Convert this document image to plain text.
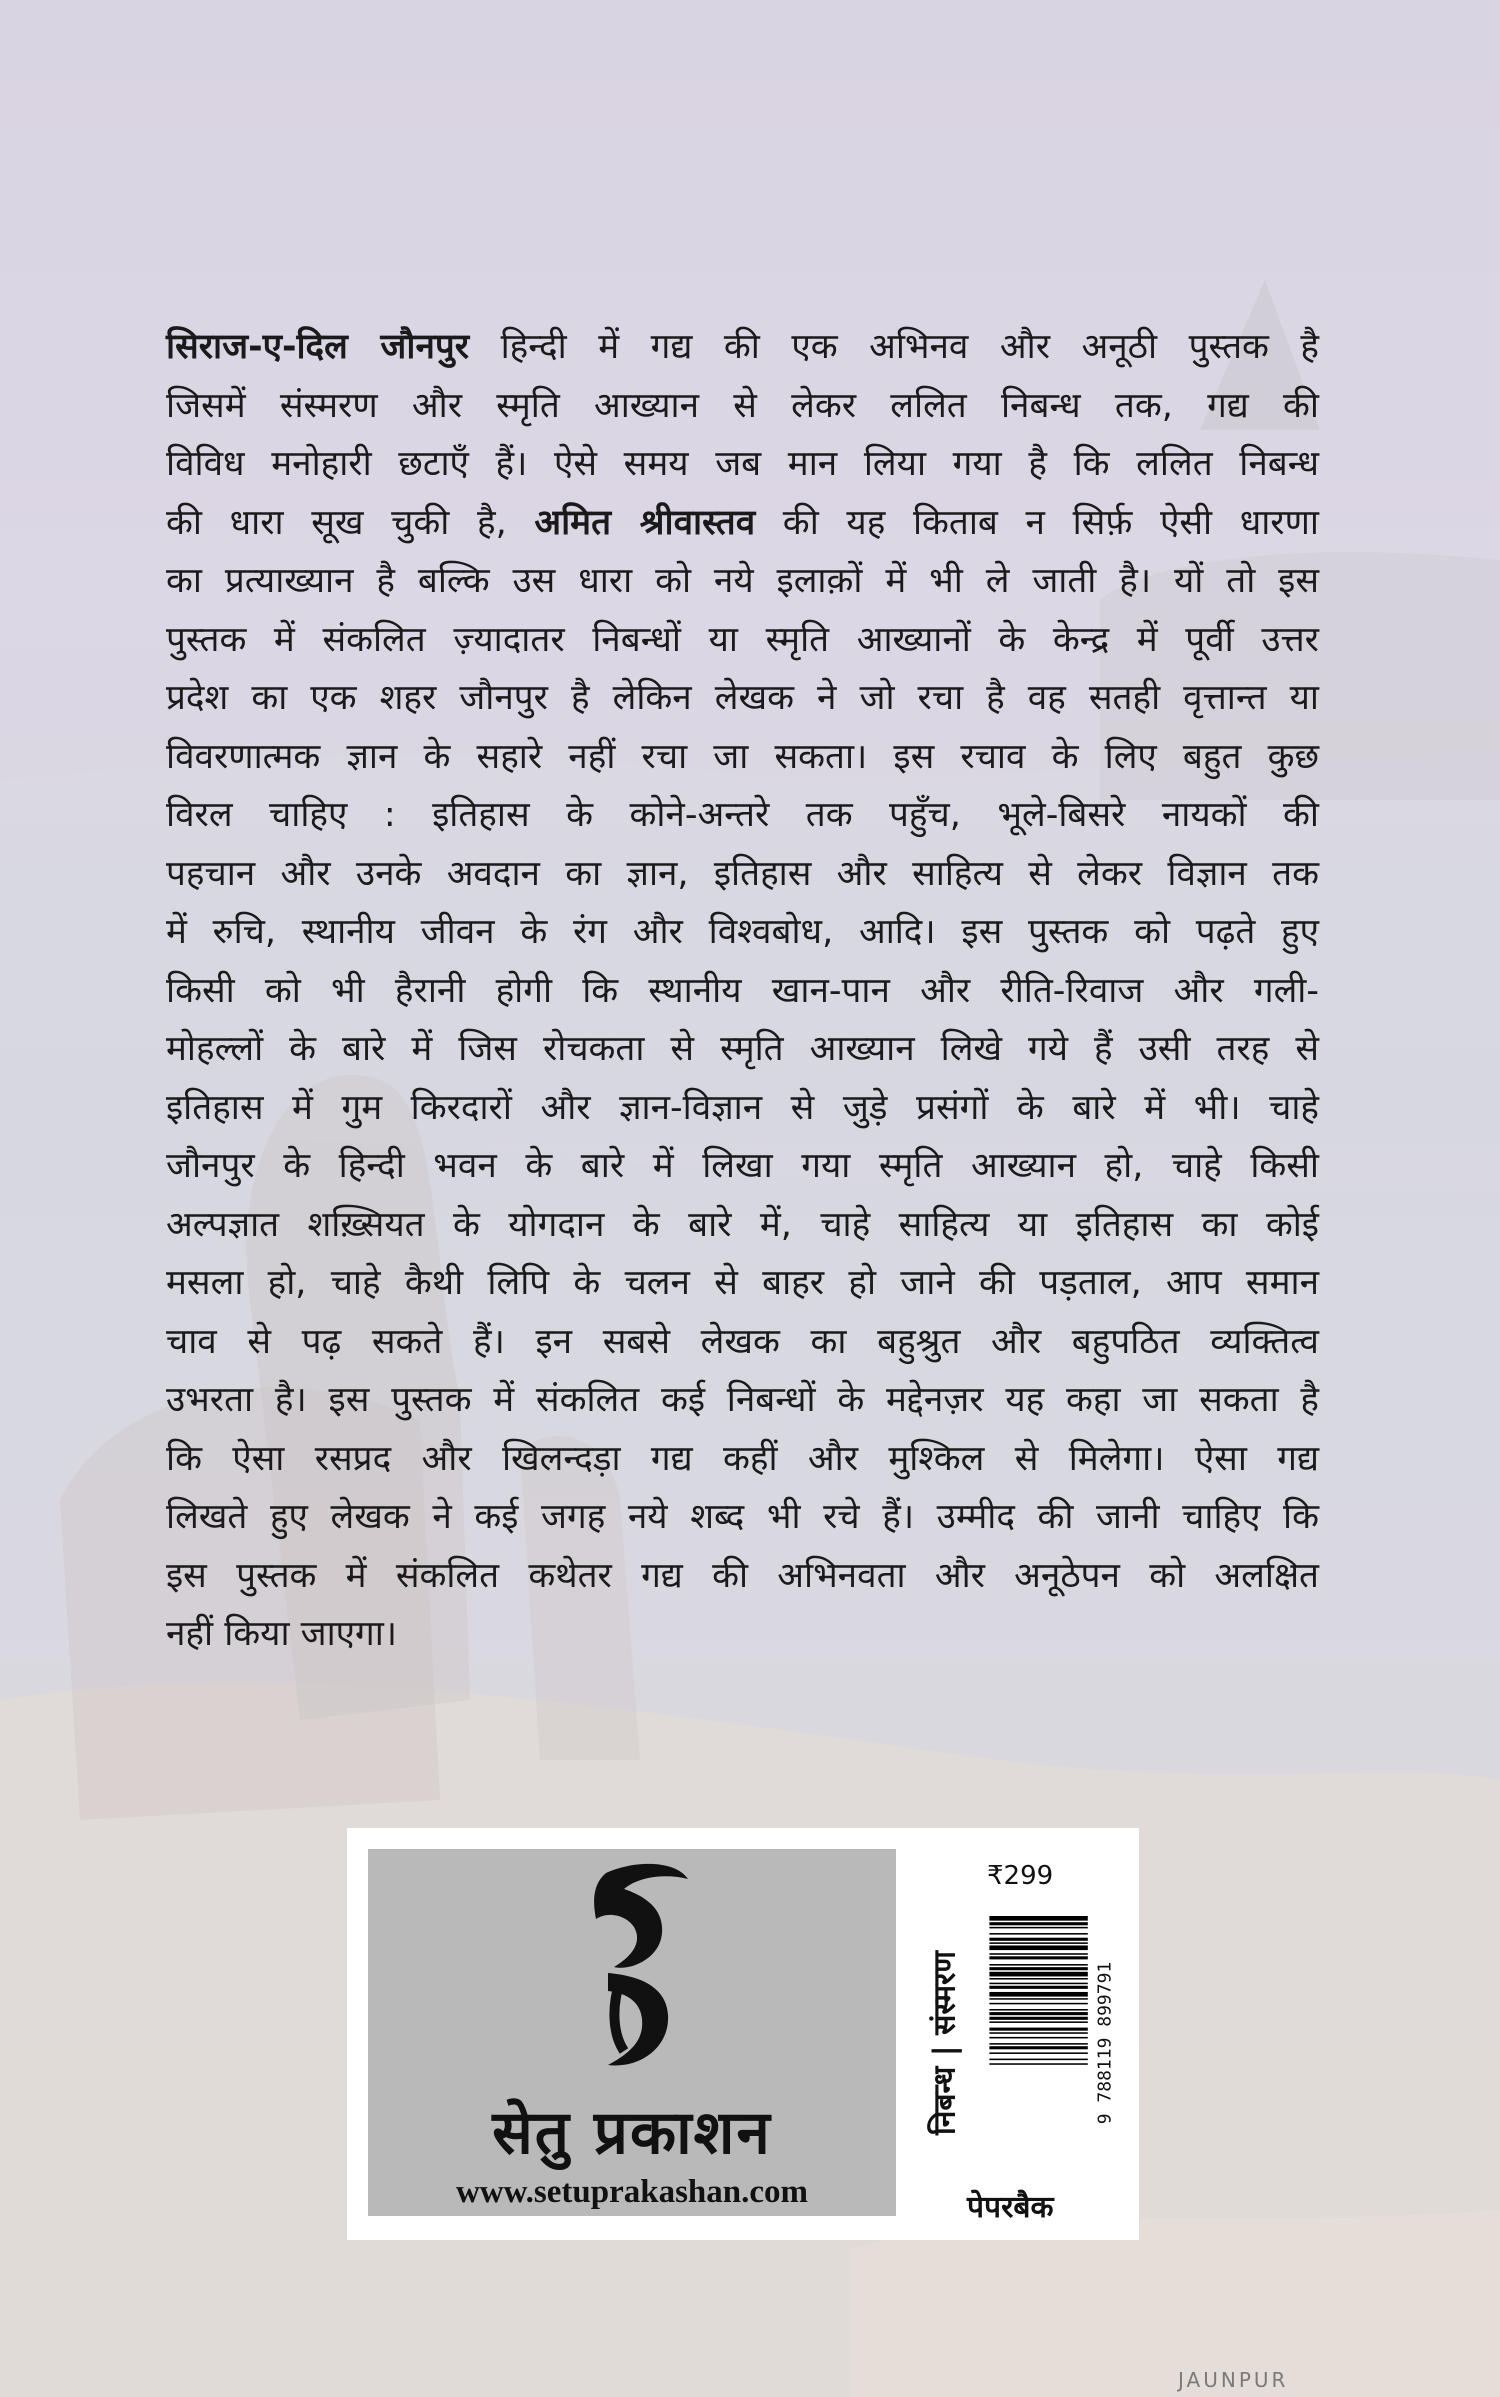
सिराज-ए-दिल जौनपुर हिन्दी में गद्य की एक अभिनव और अनूठी पुस्तक है
जिसमें संस्मरण और स्मृति आख्यान से लेकर ललित निबन्ध तक, गद्य की
विविध मनोहारी छटाएँ हैं। ऐसे समय जब मान लिया गया है कि ललित निबन्ध
की धारा सूख चुकी है, अमित श्रीवास्तव की यह किताब न सिर्फ़ ऐसी धारणा
का प्रत्याख्यान है बल्कि उस धारा को नये इलाक़ों में भी ले जाती है। यों तो इस
पुस्तक में संकलित ज़्यादातर निबन्धों या स्मृति आख्यानों के केन्द्र में पूर्वी उत्तर
प्रदेश का एक शहर जौनपुर है लेकिन लेखक ने जो रचा है वह सतही वृत्तान्त या
विवरणात्मक ज्ञान के सहारे नहीं रचा जा सकता। इस रचाव के लिए बहुत कुछ
विरल चाहिए : इतिहास के कोने-अन्तरे तक पहुँच, भूले-बिसरे नायकों की
पहचान और उनके अवदान का ज्ञान, इतिहास और साहित्य से लेकर विज्ञान तक
में रुचि, स्थानीय जीवन के रंग और विश्वबोध, आदि। इस पुस्तक को पढ़ते हुए
किसी को भी हैरानी होगी कि स्थानीय खान-पान और रीति-रिवाज और गली-
मोहल्लों के बारे में जिस रोचकता से स्मृति आख्यान लिखे गये हैं उसी तरह से
इतिहास में गुम किरदारों और ज्ञान-विज्ञान से जुड़े प्रसंगों के बारे में भी। चाहे
जौनपुर के हिन्दी भवन के बारे में लिखा गया स्मृति आख्यान हो, चाहे किसी
अल्पज्ञात शख़्सियत के योगदान के बारे में, चाहे साहित्य या इतिहास का कोई
मसला हो, चाहे कैथी लिपि के चलन से बाहर हो जाने की पड़ताल, आप समान
चाव से पढ़ सकते हैं। इन सबसे लेखक का बहुश्रुत और बहुपठित व्यक्तित्व
उभरता है। इस पुस्तक में संकलित कई निबन्धों के मद्देनज़र यह कहा जा सकता है
कि ऐसा रसप्रद और खिलन्दड़ा गद्य कहीं और मुश्किल से मिलेगा। ऐसा गद्य
लिखते हुए लेखक ने कई जगह नये शब्द भी रचे हैं। उम्मीद की जानी चाहिए कि
इस पुस्तक में संकलित कथेतर गद्य की अभिनवता और अनूठेपन को अलक्षित
नहीं किया जाएगा।
सेतु प्रकाशन
www.setuprakashan.com
निबन्ध | संस्मरण
₹299
9 788119 899791
पेपरबैक
JAUNPUR
